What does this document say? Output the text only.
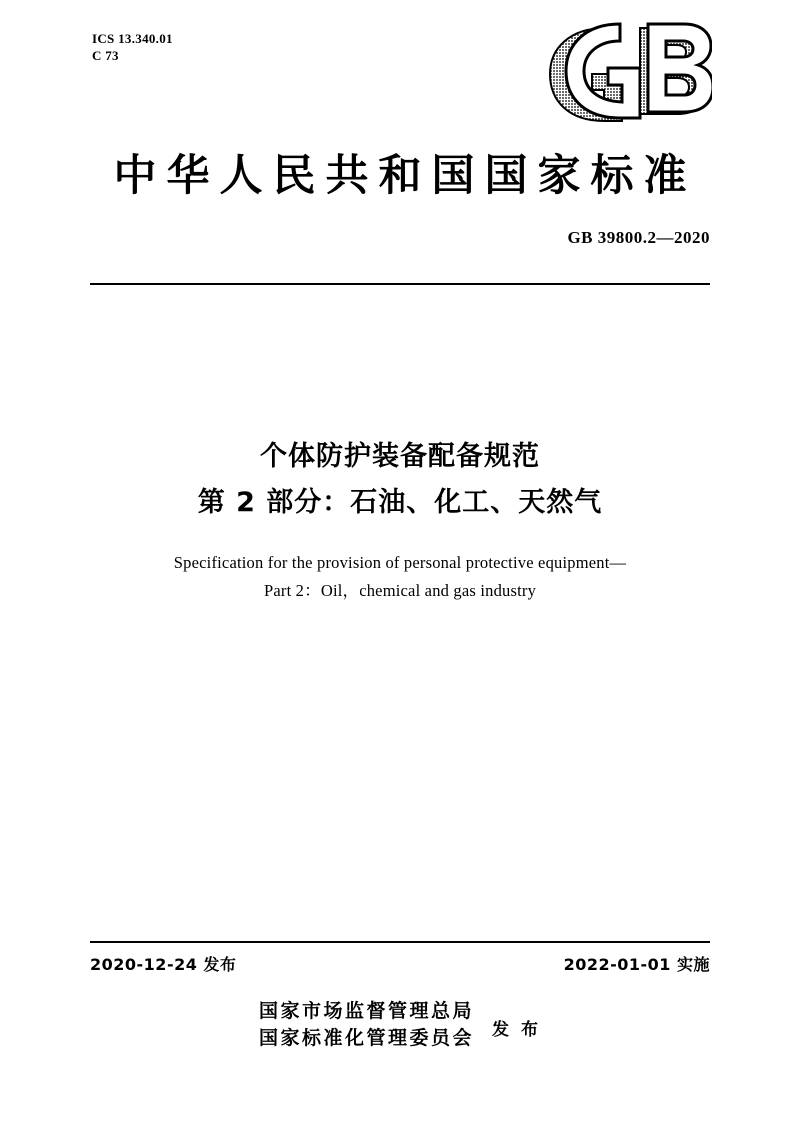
ICS 13.340.01
C 73
中华人民共和国国家标准
GB 39800.2—2020
个体防护装备配备规范
第 2 部分：石油、化工、天然气
Specification for the provision of personal protective equipment—
Part 2：Oil，chemical and gas industry
2020-12-24 发布	2022-01-01 实施
国家市场监督管理总局
国家标准化管理委员会 发 布
